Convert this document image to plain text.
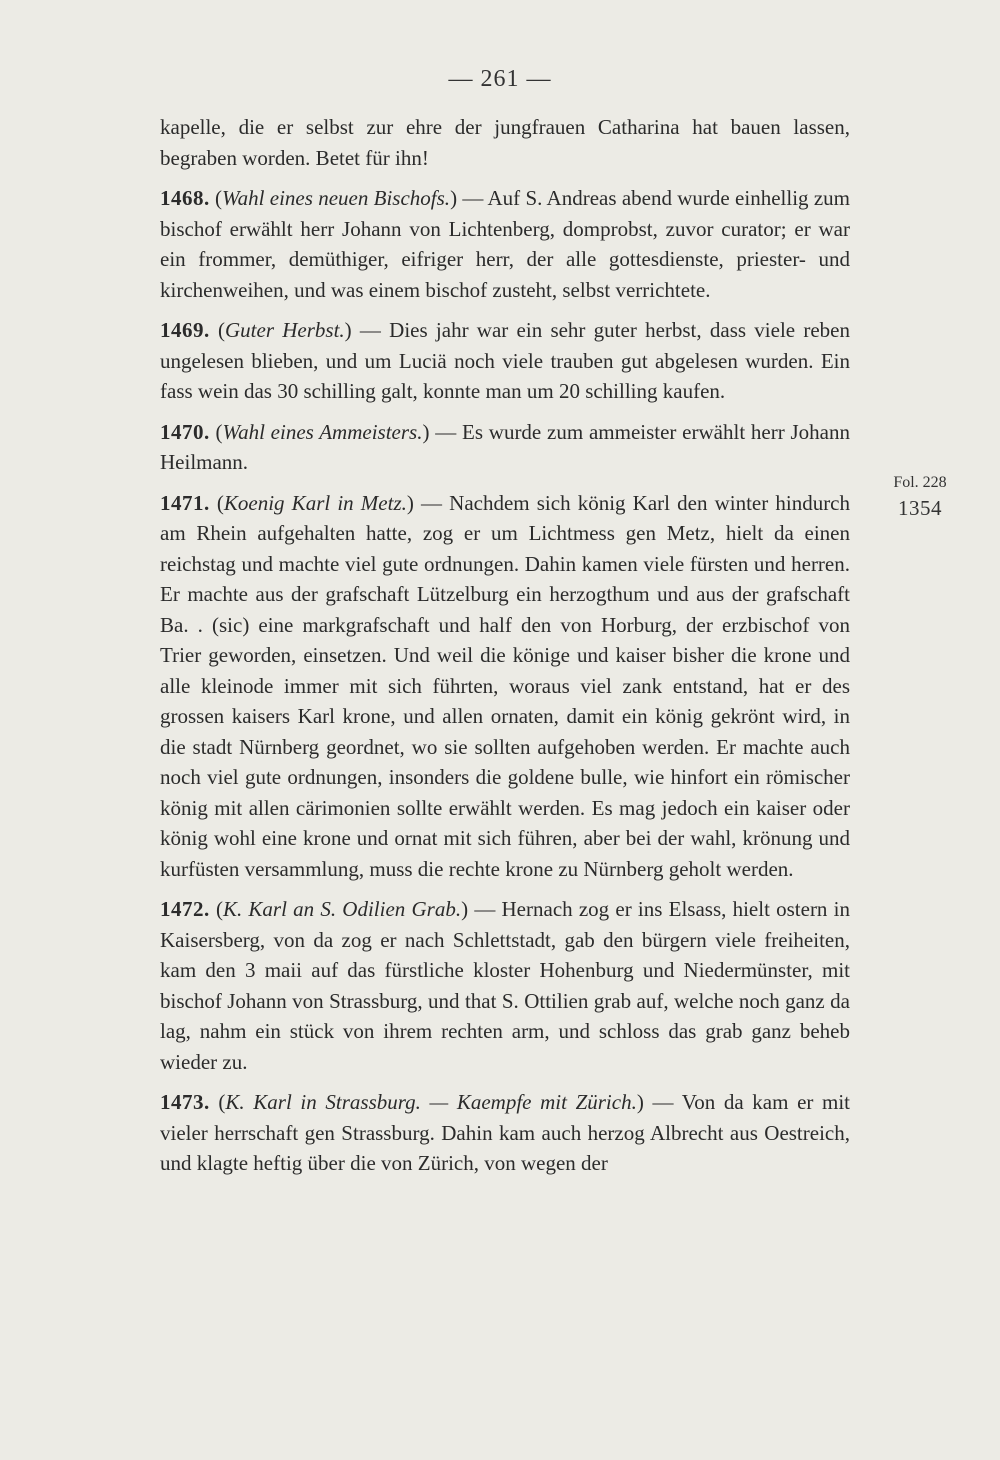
— 261 —
Fol. 228
1354

kapelle, die er selbst zur ehre der jungfrauen Catharina hat bauen lassen, begraben worden. Betet für ihn!

1468. (Wahl eines neuen Bischofs.) — Auf S. Andreas abend wurde einhellig zum bischof erwählt herr Johann von Lichtenberg, domprobst, zuvor curator; er war ein frommer, demüthiger, eifriger herr, der alle gottesdienste, priester- und kirchenweihen, und was einem bischof zusteht, selbst verrichtete.

1469. (Guter Herbst.) — Dies jahr war ein sehr guter herbst, dass viele reben ungelesen blieben, und um Luciä noch viele trauben gut abgelesen wurden. Ein fass wein das 30 schilling galt, konnte man um 20 schilling kaufen.

1470. (Wahl eines Ammeisters.) — Es wurde zum ammeister erwählt herr Johann Heilmann.

1471. (Koenig Karl in Metz.) — Nachdem sich könig Karl den winter hindurch am Rhein aufgehalten hatte, zog er um Lichtmess gen Metz, hielt da einen reichstag und machte viel gute ordnungen. Dahin kamen viele fürsten und herren. Er machte aus der grafschaft Lützelburg ein herzogthum und aus der grafschaft Ba. . (sic) eine markgrafschaft und half den von Horburg, der erzbischof von Trier geworden, einsetzen. Und weil die könige und kaiser bisher die krone und alle kleinode immer mit sich führten, woraus viel zank entstand, hat er des grossen kaisers Karl krone, und allen ornaten, damit ein könig gekrönt wird, in die stadt Nürnberg geordnet, wo sie sollten aufgehoben werden. Er machte auch noch viel gute ordnungen, insonders die goldene bulle, wie hinfort ein römischer könig mit allen cärimonien sollte erwählt werden. Es mag jedoch ein kaiser oder könig wohl eine krone und ornat mit sich führen, aber bei der wahl, krönung und kurfüsten versammlung, muss die rechte krone zu Nürnberg geholt werden.

1472. (K. Karl an S. Odilien Grab.) — Hernach zog er ins Elsass, hielt ostern in Kaisersberg, von da zog er nach Schlettstadt, gab den bürgern viele freiheiten, kam den 3 maii auf das fürstliche kloster Hohenburg und Niedermünster, mit bischof Johann von Strassburg, und that S. Ottilien grab auf, welche noch ganz da lag, nahm ein stück von ihrem rechten arm, und schloss das grab ganz beheb wieder zu.

1473. (K. Karl in Strassburg. — Kaempfe mit Zürich.) — Von da kam er mit vieler herrschaft gen Strassburg. Dahin kam auch herzog Albrecht aus Oestreich, und klagte heftig über die von Zürich, von wegen der
